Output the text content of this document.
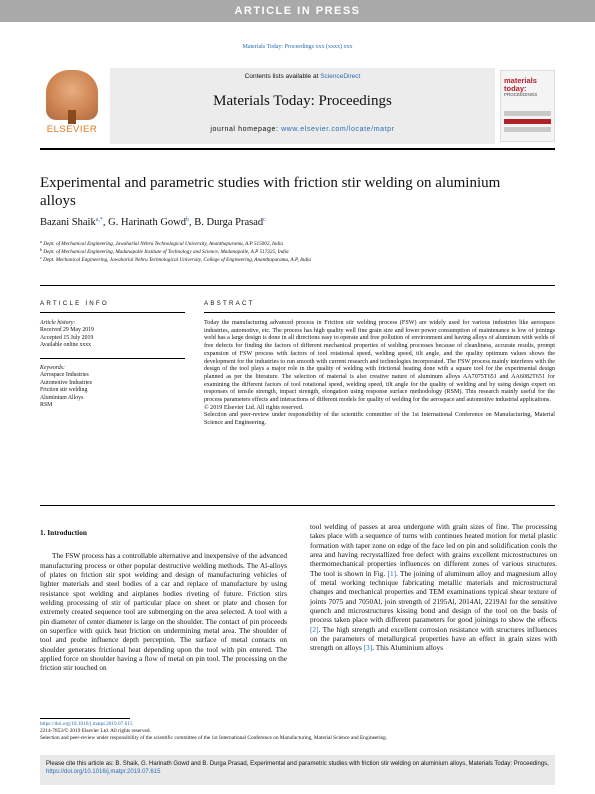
ARTICLE IN PRESS
Materials Today: Proceedings xxx (xxxx) xxx
ELSEVIER
Contents lists available at ScienceDirect
Materials Today: Proceedings
journal homepage: www.elsevier.com/locate/matpr
materials
today:
PROCEEDINGS
Experimental and parametric studies with friction stir welding on aluminium alloys
Bazani Shaik$^{a,*}$, G. Harinath Gowd$^b$, B. Durga Prasad$^c$
$^a$ Dept. of Mechanical Engineering, Jawaharlal Nehru Technological University, Ananthapuramu, A.P 515002, India
$^b$ Dept. of Mechanical Engineering, Madanapalle Institute of Technology and Science, Madanapalle, A.P 517325, India
$^c$ Dept. Mechanical Engineering, Jawaharlal Nehru Technological University, College of Engineering, Ananthapuramu, A.P, India
ARTICLE INFO	ABSTRACT
Article history:
Received 29 May 2019
Accepted 15 July 2019
Available online xxxx
Keywords:
Aerospace Industries
Automotive Industries
Friction stir welding
Aluminium Alloys
RSM
Today the manufacturing advanced process in Friction stir welding process (FSW) are widely used for various industries like aerospace industries, automotive, etc. The process has high quality well fine grain size and lower power consumption of maintenance is low of joinings weld has a large design is done in all directions easy to operate and free pollution of environment and having alloys of aluminum with welds of free defects for finding the factors of different mechanical properties of welding processes because of cleanliness, accurate results, prompt expansion of FSW process with factors of tool rotational speed, welding speed, tilt angle, and the quality optimum values shows the development for the industries to run smooth with current research and technologies incorporated. The FSW process mainly interferes with the design of the tool plays a major role in the quality of welding with frictional heating done with a square tool for the experimental design planned as per the literature. The selection of material is also creative nature of aluminum alloys AA7075T651 and AA6082T651 for examining the different factors of tool rotational speed, welding speed, tilt angle for the quality of welding and by using design expert on responses of tensile strength, impact strength, elongation using response surface methodology (RSM). This research mainly useful for the process parameters effects and interactions of different models for quality of welding for the aerospace and automotive industrial applications.
© 2019 Elsevier Ltd. All rights reserved.
Selection and peer-review under responsibility of the scientific committee of the 1st International Conference on Manufacturing, Material Science and Engineering.
1. Introduction
The FSW process has a controllable alternative and inexpensive of the advanced manufacturing process or other popular destructive welding methods. The Al-alloys of plates on friction stir spot welding and design of manufacturing vehicles of lighter materials and steel bodies of a car and replace of manufacture by using resistance spot welding and airplanes bodies riveting of future. Friction stirs welding processing of stir of particular place on sheet or plate and chosen for extremely created sequence tool are submerging on the area selected. A tool with a pin diameter of center diameter is large on the shoulder. The contact of pin proceeds on superfice with quick heat friction on undermining metal area. The shoulder of tool and probe influence depth perception. The surface of metal contacts on shoulder generates frictional heat depending upon the tool with pin entered. The applied force on shoulder having a flow of metal on pin tool. The processing on the friction stir touched on
tool welding of passes at area undergone with grain sizes of fine. The processing takes place with a sequence of turns with continues heated motion for metal plastic formation with taper zone on edge of the face led on pin and solidification cools the area and having recrystallized free defect with grains excellent microstructures on thermomechanical properties influences on different zones of various structures. The tool is shown in Fig. [1]. The joining of aluminum alloy and magnesium alloy of metal working technique fabricating metallic materials and microstructural changes and mechanical properties and TEM examinations typical shear texture of joints 7075 and 7050Al, join strength of 2195Al, 2014Al, 2219Al for the sensitive quench and microstructures kissing bond and design of the tool on the basis of process taken place with different parameters for good joinings to show the effects [2]. The high strength and excellent corrosion resistance with structures influences on the parameters of metallurgical properties have an effect in grain sizes with strength on alloys [3]. This Aluminium alloys
https://doi.org/10.1016/j.matpr.2019.07.615
2214-7853/© 2019 Elsevier Ltd. All rights reserved.
Selection and peer-review under responsibility of the scientific committee of the 1st International Conference on Manufacturing, Material Science and Engineering.
Please cite this article as: B. Shaik, G. Harinath Gowd and B. Durga Prasad, Experimental and parametric studies with friction stir welding on aluminium alloys, Materials Today: Proceedings, https://doi.org/10.1016/j.matpr.2019.07.615
